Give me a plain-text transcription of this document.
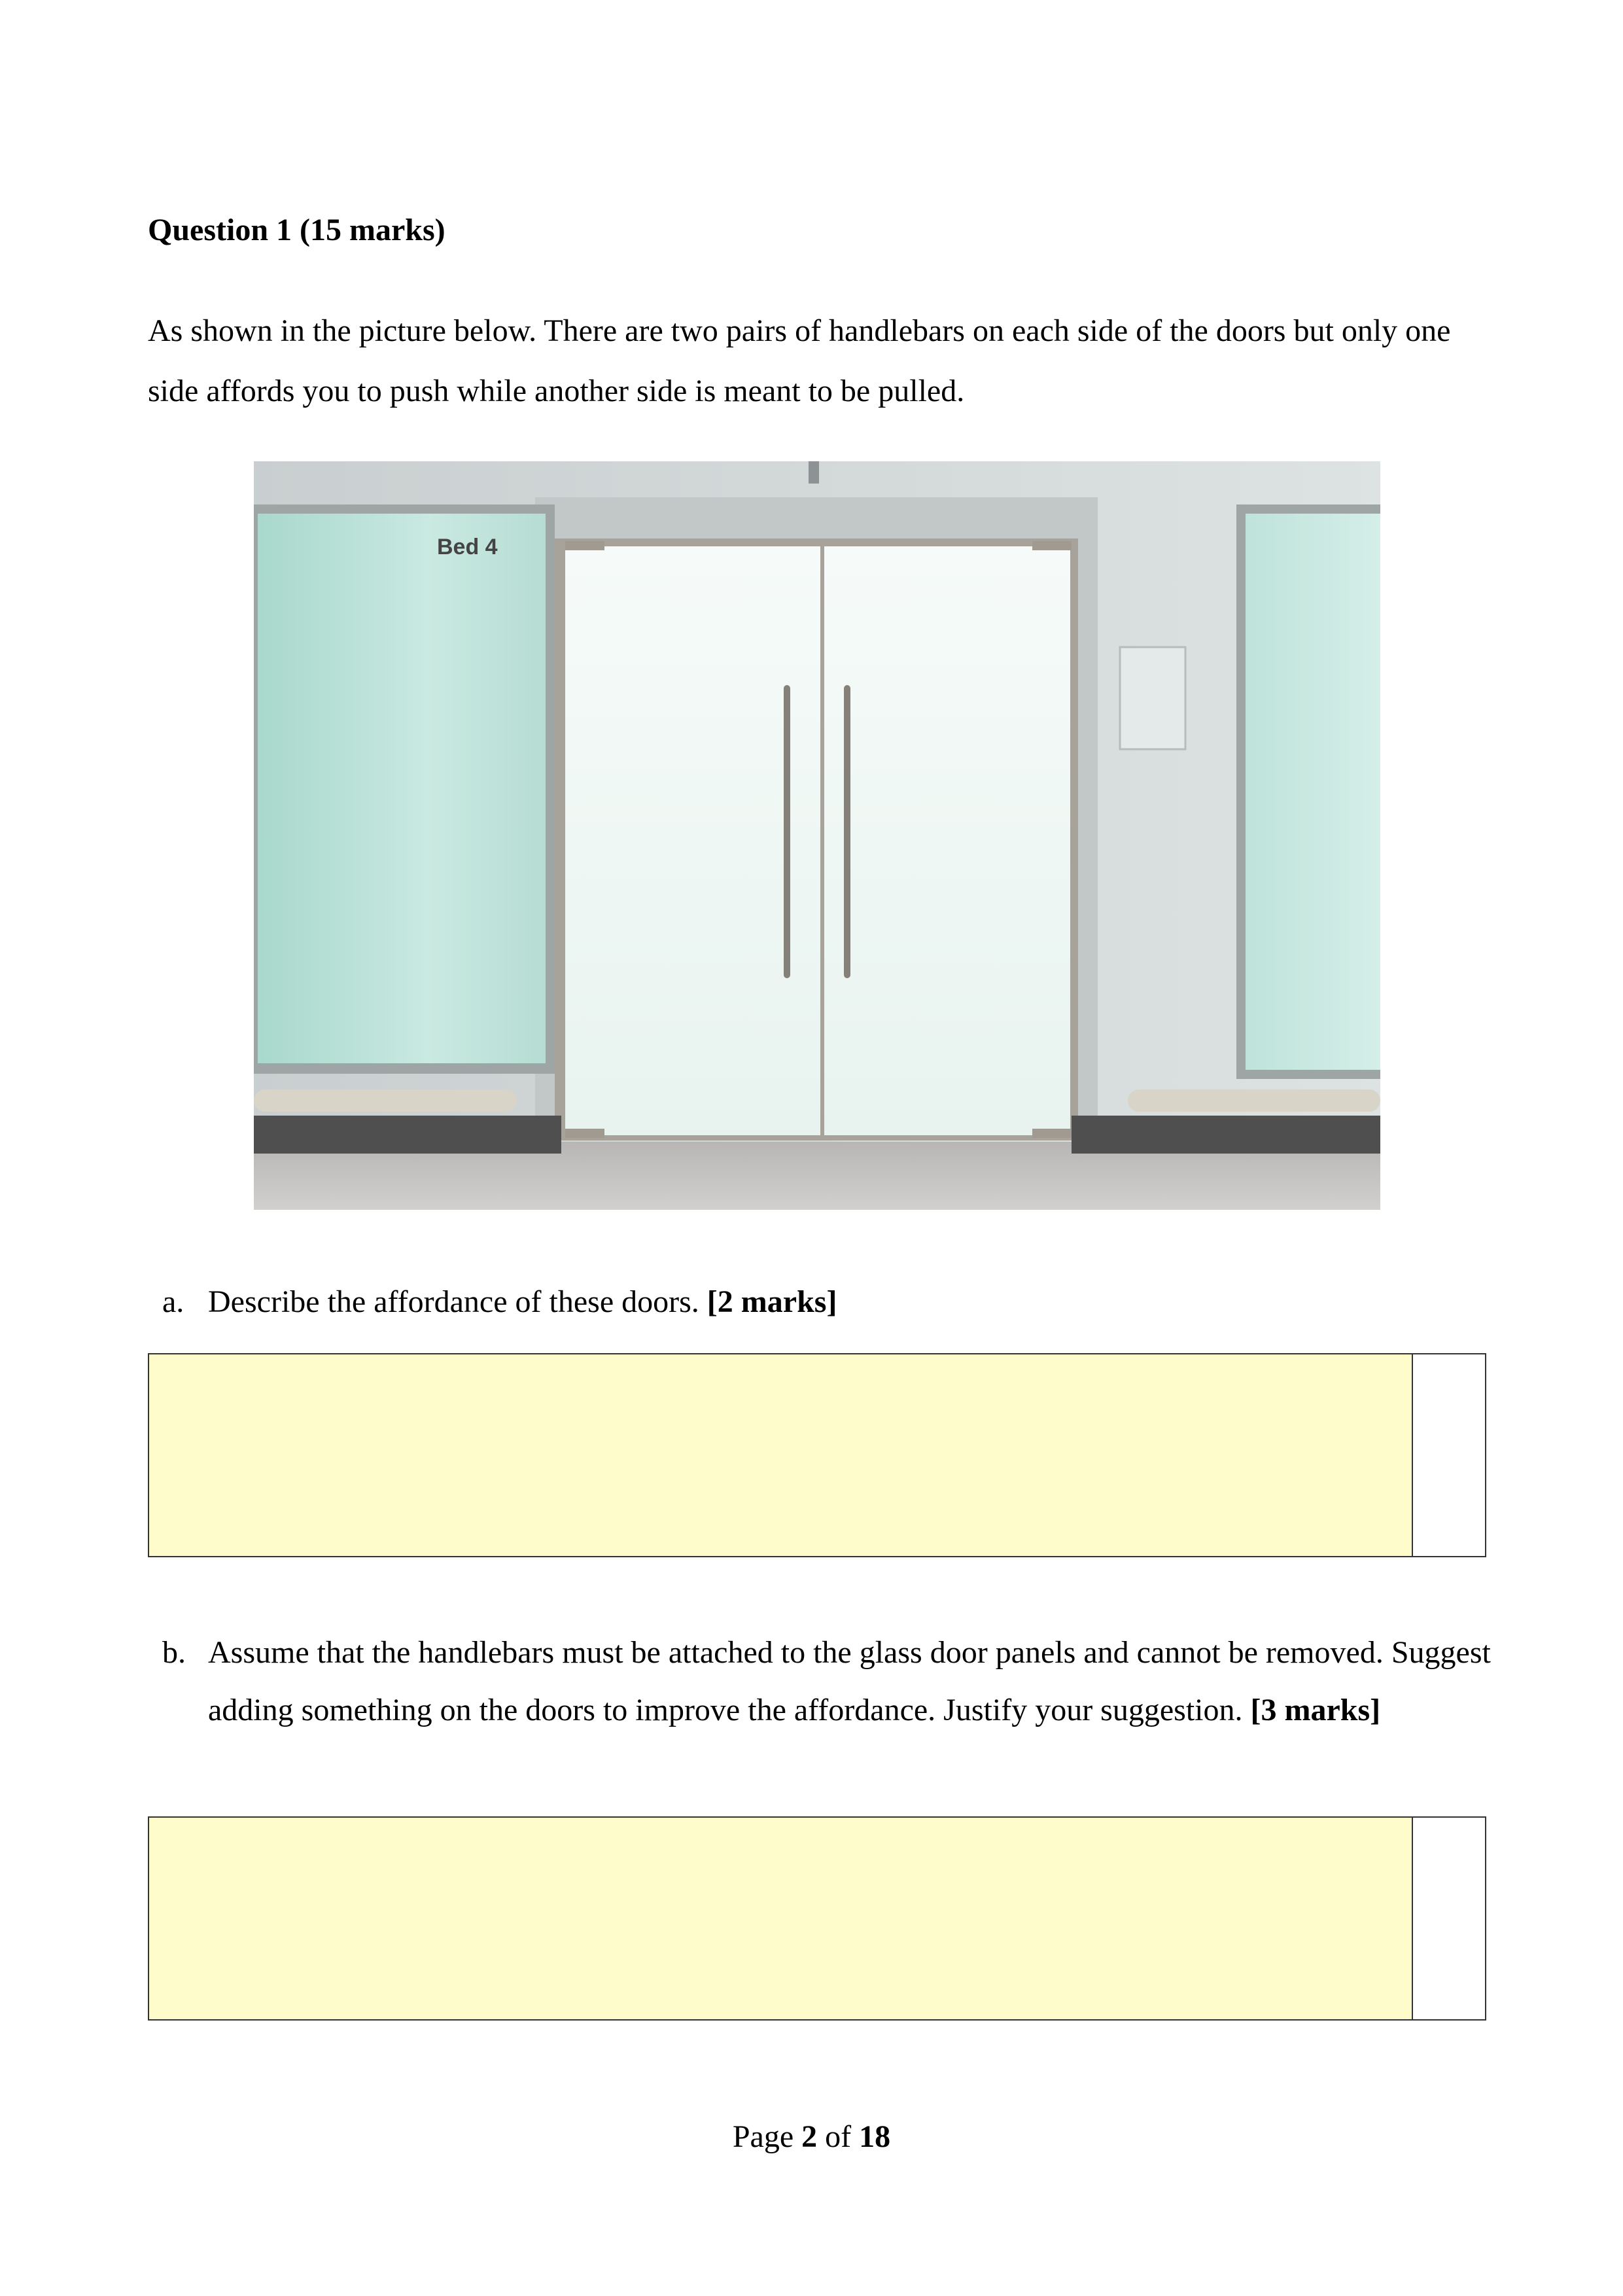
Question 1 (15 marks)
As shown in the picture below. There are two pairs of handlebars on each side of the doors but only one side affords you to push while another side is meant to be pulled.
Bed 4
a. Describe the affordance of these doors. [2 marks]
b. Assume that the handlebars must be attached to the glass door panels and cannot be removed. Suggest adding something on the doors to improve the affordance. Justify your suggestion. [3 marks]
Page 2 of 18
